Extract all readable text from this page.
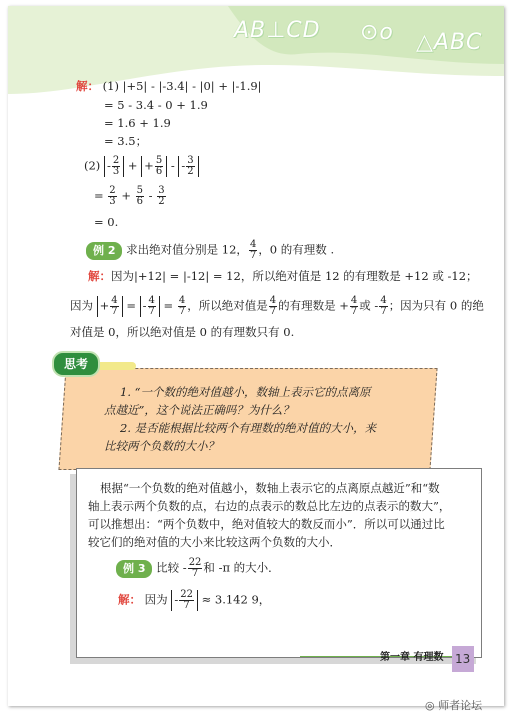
AB⊥CD ⊙o △ABC
解： (1) |+5| - |-3.4| - |0| + |-1.9|
= 5 - 3.4 - 0 + 1.9
= 1.6 + 1.9
= 3.5；
$(2) - \frac{2}{3}$ + + $\frac{5}{6}$ - - $\frac{3}{2}$
= $\frac{2}{3} + \frac{5}{6} - \frac{3}{2}$
= 0.
例 2 求出绝对值分别是 12， $\frac{4}{7}$ ，0 的有理数 .
解：因为|+12| = |-12| = 12，所以绝对值是 12 的有理数是 +12 或 -12；
因为 + $\frac{4}{7}$ = - $\frac{4}{7} = \frac{4}{7}$ ，所以绝对值是 $\frac{4}{7}$ 的有理数是 + $\frac{4}{7}$ 或 - $\frac{4}{7}$ ；因为只有 0 的绝
对值是 0，所以绝对值是 0 的有理数只有 0.
思考
1. “一个数的绝对值越小，数轴上表示它的点离原
点越近”，这个说法正确吗？为什么？
2. 是否能根据比较两个有理数的绝对值的大小，来
比较两个负数的大小？
根据“一个负数的绝对值越小，数轴上表示它的点离原点越近”和“数
轴上表示两个负数的点，右边的点表示的数总比左边的点表示的数大”，
可以推想出：“两个负数中，绝对值较大的数反而小”．所以可以通过比
较它们的绝对值的大小来比较这两个负数的大小．
例 3 比较 - $\frac{22}{7}$ 和 -π 的大小．
解： 因为 - $\frac{22}{7} \approx 3.142$ 9，
第一章 有理数 13
◎ 师者论坛
